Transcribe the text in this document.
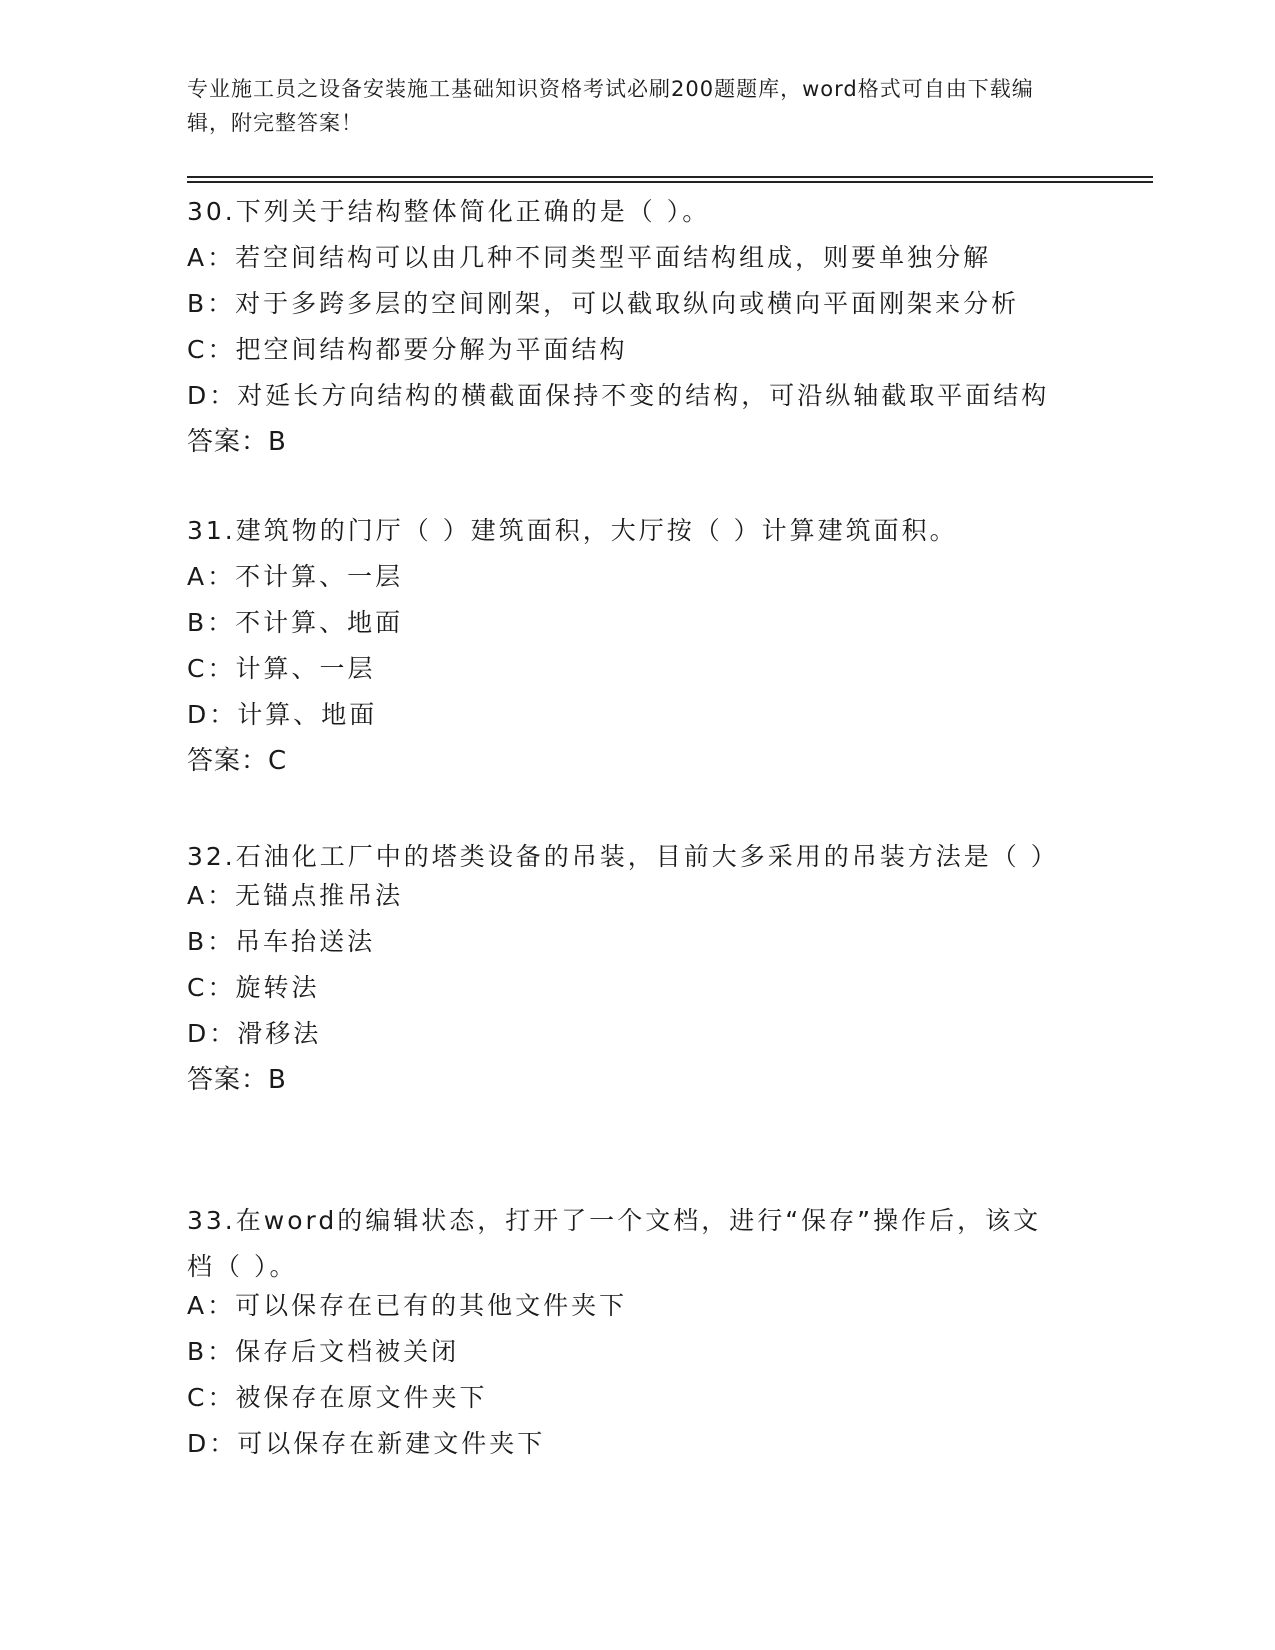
专业施工员之设备安装施工基础知识资格考试必刷200题题库，word格式可自由下载编辑，附完整答案！
30.下列关于结构整体简化正确的是（ ）。
A：若空间结构可以由几种不同类型平面结构组成，则要单独分解
B：对于多跨多层的空间刚架，可以截取纵向或横向平面刚架来分析
C：把空间结构都要分解为平面结构
D：对延长方向结构的横截面保持不变的结构，可沿纵轴截取平面结构
答案：B
31.建筑物的门厅（ ）建筑面积，大厅按（ ）计算建筑面积。
A：不计算、一层
B：不计算、地面
C：计算、一层
D：计算、地面
答案：C
32.石油化工厂中的塔类设备的吊装，目前大多采用的吊装方法是（ ）
A：无锚点推吊法
B：吊车抬送法
C：旋转法
D：滑移法
答案：B
33.在word的编辑状态，打开了一个文档，进行“保存”操作后，该文档（ ）。
A：可以保存在已有的其他文件夹下
B：保存后文档被关闭
C：被保存在原文件夹下
D：可以保存在新建文件夹下
